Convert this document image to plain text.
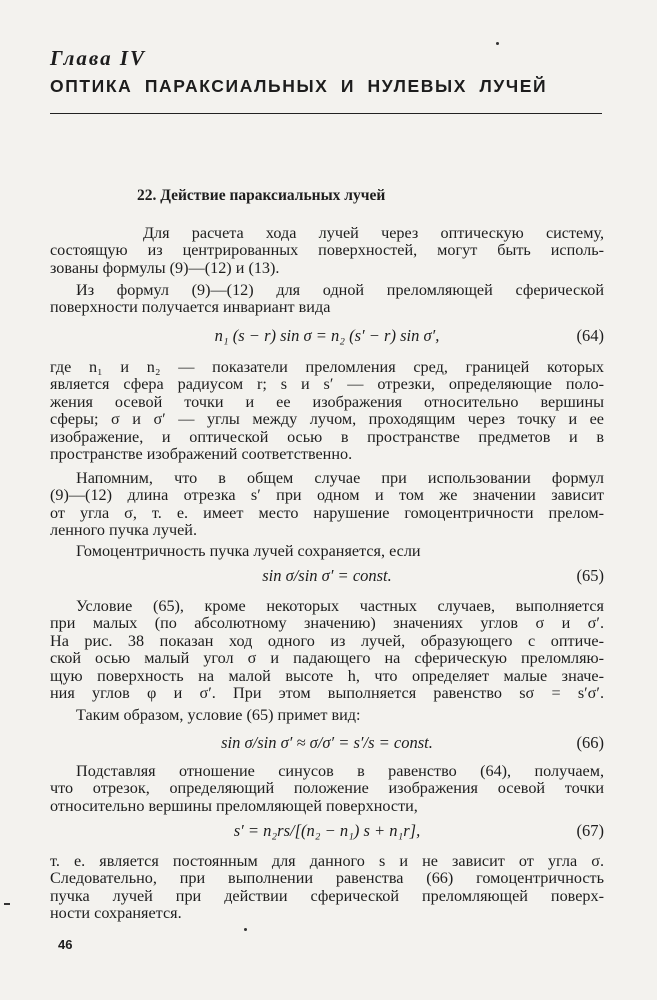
Глава IV
ОПТИКА ПАРАКСИАЛЬНЫХ И НУЛЕВЫХ ЛУЧЕЙ
22. Действие параксиальных лучей
Для расчета хода лучей через оптическую систему,
состоящую из центрированных поверхностей, могут быть исполь-
зованы формулы (9)—(12) и (13).
Из формул (9)—(12) для одной преломляющей сферической
поверхности получается инвариант вида
n₁ (s − r) sin σ = n₂ (s′ − r) sin σ′,	(64)
где n₁ и n₂ — показатели преломления сред, границей которых
является сфера радиусом r; s и s′ — отрезки, определяющие поло-
жения осевой точки и ее изображения относительно вершины
сферы; σ и σ′ — углы между лучом, проходящим через точку и ее
изображение, и оптической осью в пространстве предметов и в
пространстве изображений соответственно.
Напомним, что в общем случае при использовании формул
(9)—(12) длина отрезка s′ при одном и том же значении зависит
от угла σ, т. е. имеет место нарушение гомоцентричности прелом-
ленного пучка лучей.
Гомоцентричность пучка лучей сохраняется, если
sin σ/sin σ′ = const.	(65)
Условие (65), кроме некоторых частных случаев, выполняется
при малых (по абсолютному значению) значениях углов σ и σ′.
На рис. 38 показан ход одного из лучей, образующего с оптиче-
ской осью малый угол σ и падающего на сферическую преломляю-
щую поверхность на малой высоте h, что определяет малые значе-
ния углов φ и σ′. При этом выполняется равенство sσ = s′σ′.
Таким образом, условие (65) примет вид:
sin σ/sin σ′ ≈ σ/σ′ = s′/s = const.	(66)
Подставляя отношение синусов в равенство (64), получаем,
что отрезок, определяющий положение изображения осевой точки
относительно вершины преломляющей поверхности,
s′ = n₂rs/[(n₂ − n₁) s + n₁r],	(67)
т. е. является постоянным для данного s и не зависит от угла σ.
Следовательно, при выполнении равенства (66) гомоцентричность
пучка лучей при действии сферической преломляющей поверх-
ности сохраняется.
46
